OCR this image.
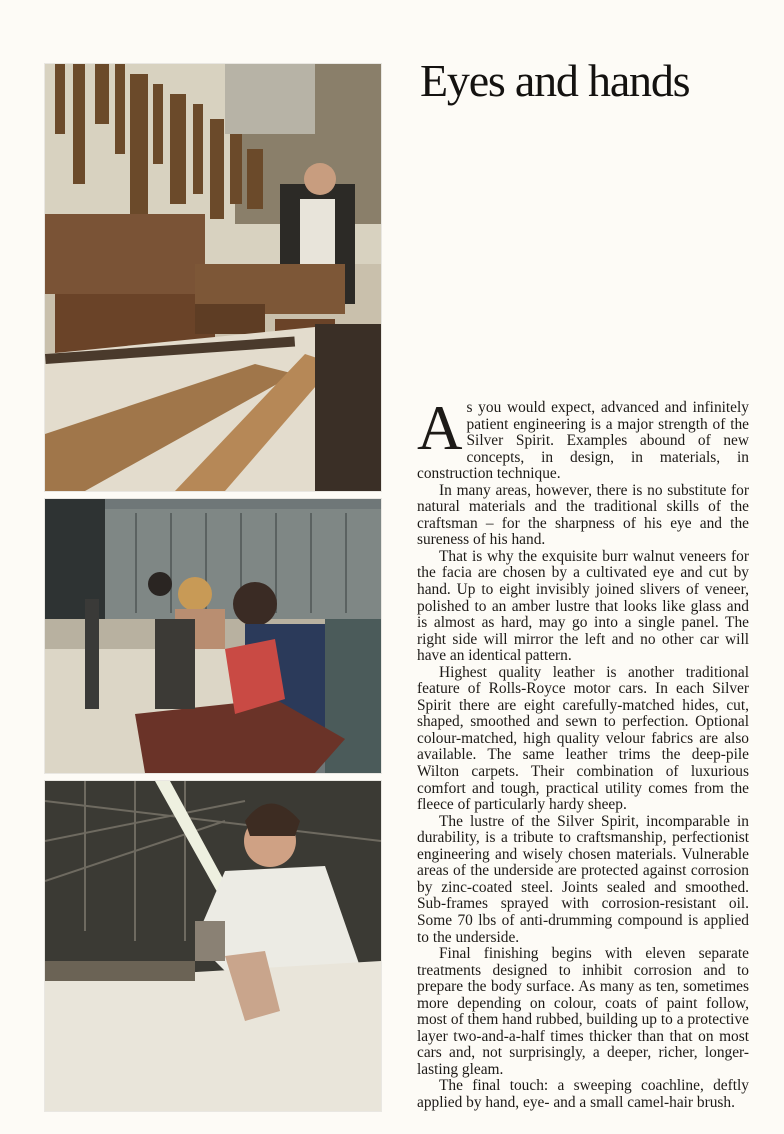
Eyes and hands

As you would expect, advanced and infinitely patient engineering is a major strength of the Silver Spirit. Examples abound of new concepts, in design, in materials, in construction technique.

In many areas, however, there is no substitute for natural materials and the traditional skills of the craftsman – for the sharpness of his eye and the sureness of his hand.

That is why the exquisite burr walnut veneers for the facia are chosen by a cultivated eye and cut by hand. Up to eight invisibly joined slivers of veneer, polished to an amber lustre that looks like glass and is almost as hard, may go into a single panel. The right side will mirror the left and no other car will have an identical pattern.

Highest quality leather is another traditional feature of Rolls-Royce motor cars. In each Silver Spirit there are eight carefully-matched hides, cut, shaped, smoothed and sewn to perfection. Optional colour-matched, high quality velour fabrics are also available. The same leather trims the deep-pile Wilton carpets. Their combination of luxurious comfort and tough, practical utility comes from the fleece of particularly hardy sheep.

The lustre of the Silver Spirit, incomparable in durability, is a tribute to craftsmanship, perfectionist engineering and wisely chosen materials. Vulnerable areas of the underside are protected against corrosion by zinc-coated steel. Joints sealed and smoothed. Sub-frames sprayed with corrosion-resistant oil. Some 70 lbs of anti-drumming compound is applied to the underside.

Final finishing begins with eleven separate treatments designed to inhibit corrosion and to prepare the body surface. As many as ten, sometimes more depending on colour, coats of paint follow, most of them hand rubbed, building up to a protective layer two-and-a-half times thicker than that on most cars and, not surprisingly, a deeper, richer, longer-lasting gleam.

The final touch: a sweeping coachline, deftly applied by hand, eye- and a small camel-hair brush.
